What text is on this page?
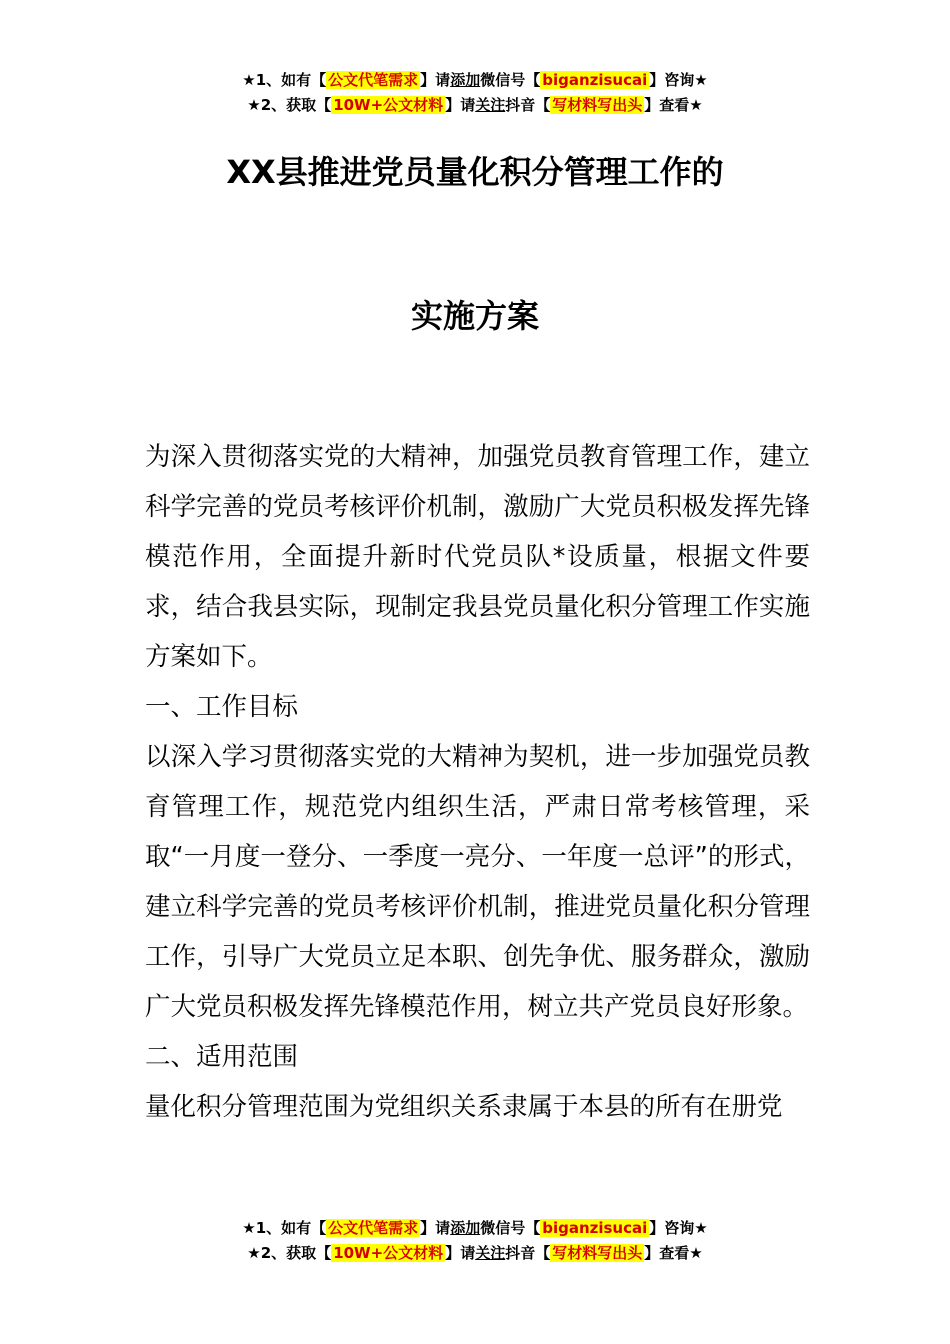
★1、如有【 公文代笔需求 】请添加微信号【 biganzisucai 】咨询★
★2、获取【 10W+公文材料 】请关注抖音【 写材料写出头 】查看★
XX县推进党员量化积分管理工作的
实施方案

为深入贯彻落实党的大精神，加强党员教育管理工作，建立科学完善的党员考核评价机制，激励广大党员积极发挥先锋模范作用，全面提升新时代党员队*设质量，根据文件要求，结合我县实际，现制定我县党员量化积分管理工作实施方案如下。

一、工作目标

以深入学习贯彻落实党的大精神为契机，进一步加强党员教育管理工作，规范党内组织生活，严肃日常考核管理，采取“一月度一登分、一季度一亮分、一年度一总评”的形式，建立科学完善的党员考核评价机制，推进党员量化积分管理工作，引导广大党员立足本职、创先争优、服务群众，激励广大党员积极发挥先锋模范作用，树立共产党员良好形象。

二、适用范围

量化积分管理范围为党组织关系隶属于本县的所有在册党

★1、如有【 公文代笔需求 】请添加微信号【 biganzisucai 】咨询★
★2、获取【 10W+公文材料 】请关注抖音【 写材料写出头 】查看★
